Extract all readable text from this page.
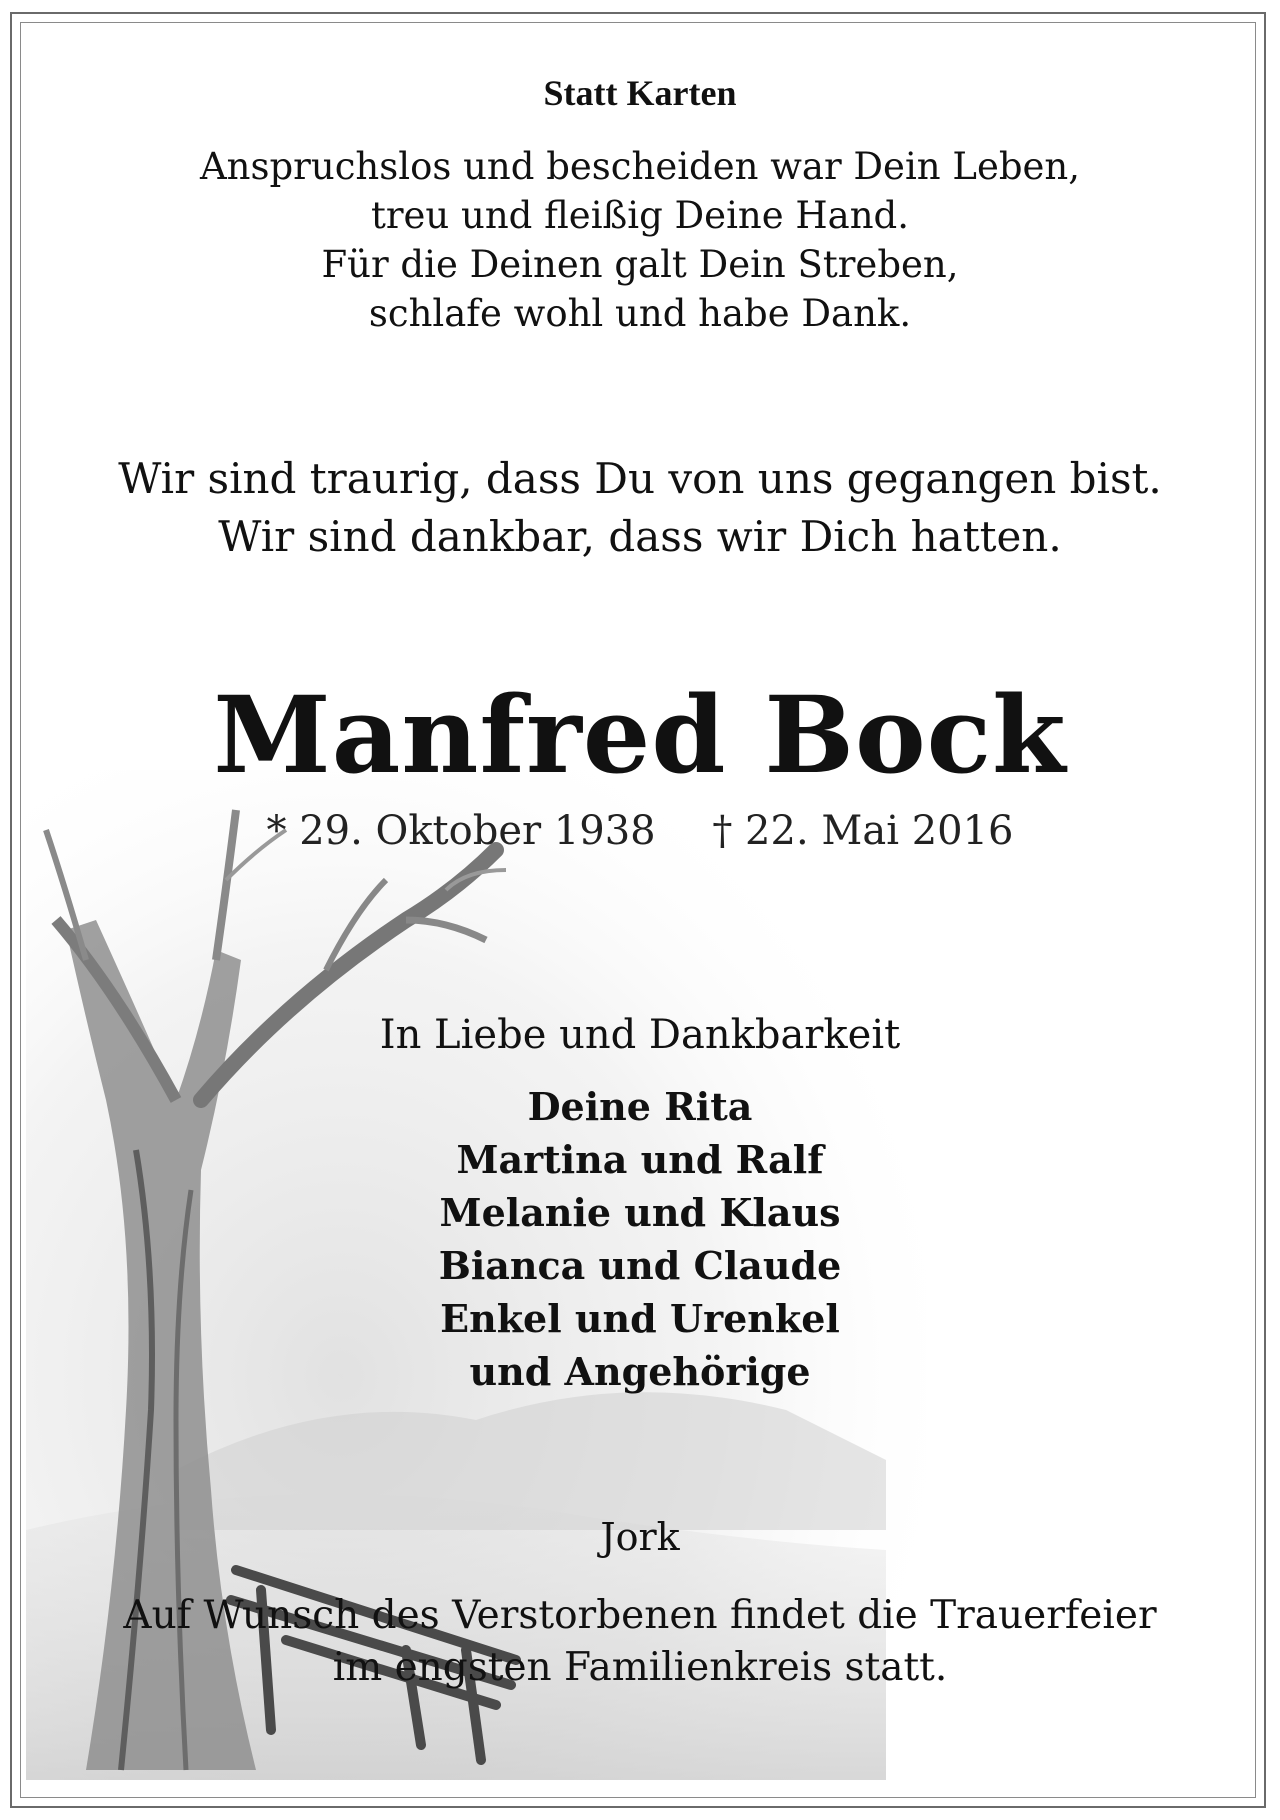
Statt Karten
Anspruchslos und bescheiden war Dein Leben,
treu und fleißig Deine Hand.
Für die Deinen galt Dein Streben,
schlafe wohl und habe Dank.
Wir sind traurig, dass Du von uns gegangen bist.
Wir sind dankbar, dass wir Dich hatten.
Manfred Bock
* 29. Oktober 1938 † 22. Mai 2016
In Liebe und Dankbarkeit
Deine Rita
Martina und Ralf
Melanie und Klaus
Bianca und Claude
Enkel und Urenkel
und Angehörige
Jork
Auf Wunsch des Verstorbenen findet die Trauerfeier
im engsten Familienkreis statt.
